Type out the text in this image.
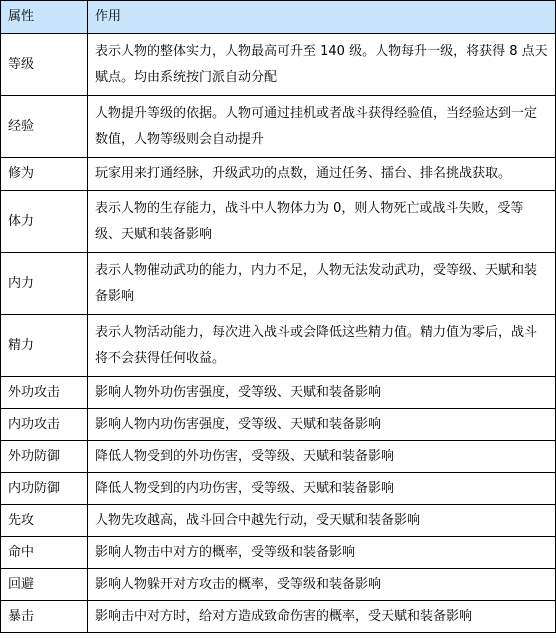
属性	作用
等级	表示人物的整体实力，人物最高可升至 140 级。人物每升一级，将获得 8 点天赋点。均由系统按门派自动分配
经验	人物提升等级的依据。人物可通过挂机或者战斗获得经验值，当经验达到一定数值，人物等级则会自动提升
修为	玩家用来打通经脉，升级武功的点数，通过任务、擂台、排名挑战获取。
体力	表示人物的生存能力，战斗中人物体力为 0，则人物死亡或战斗失败，受等级、天赋和装备影响
内力	表示人物催动武功的能力，内力不足，人物无法发动武功，受等级、天赋和装备影响
精力	表示人物活动能力，每次进入战斗或会降低这些精力值。精力值为零后，战斗将不会获得任何收益。
外功攻击	影响人物外功伤害强度，受等级、天赋和装备影响
内功攻击	影响人物内功伤害强度，受等级、天赋和装备影响
外功防御	降低人物受到的外功伤害，受等级、天赋和装备影响
内功防御	降低人物受到的内功伤害，受等级、天赋和装备影响
先攻	人物先攻越高，战斗回合中越先行动，受天赋和装备影响
命中	影响人物击中对方的概率，受等级和装备影响
回避	影响人物躲开对方攻击的概率，受等级和装备影响
暴击	影响击中对方时，给对方造成致命伤害的概率，受天赋和装备影响
